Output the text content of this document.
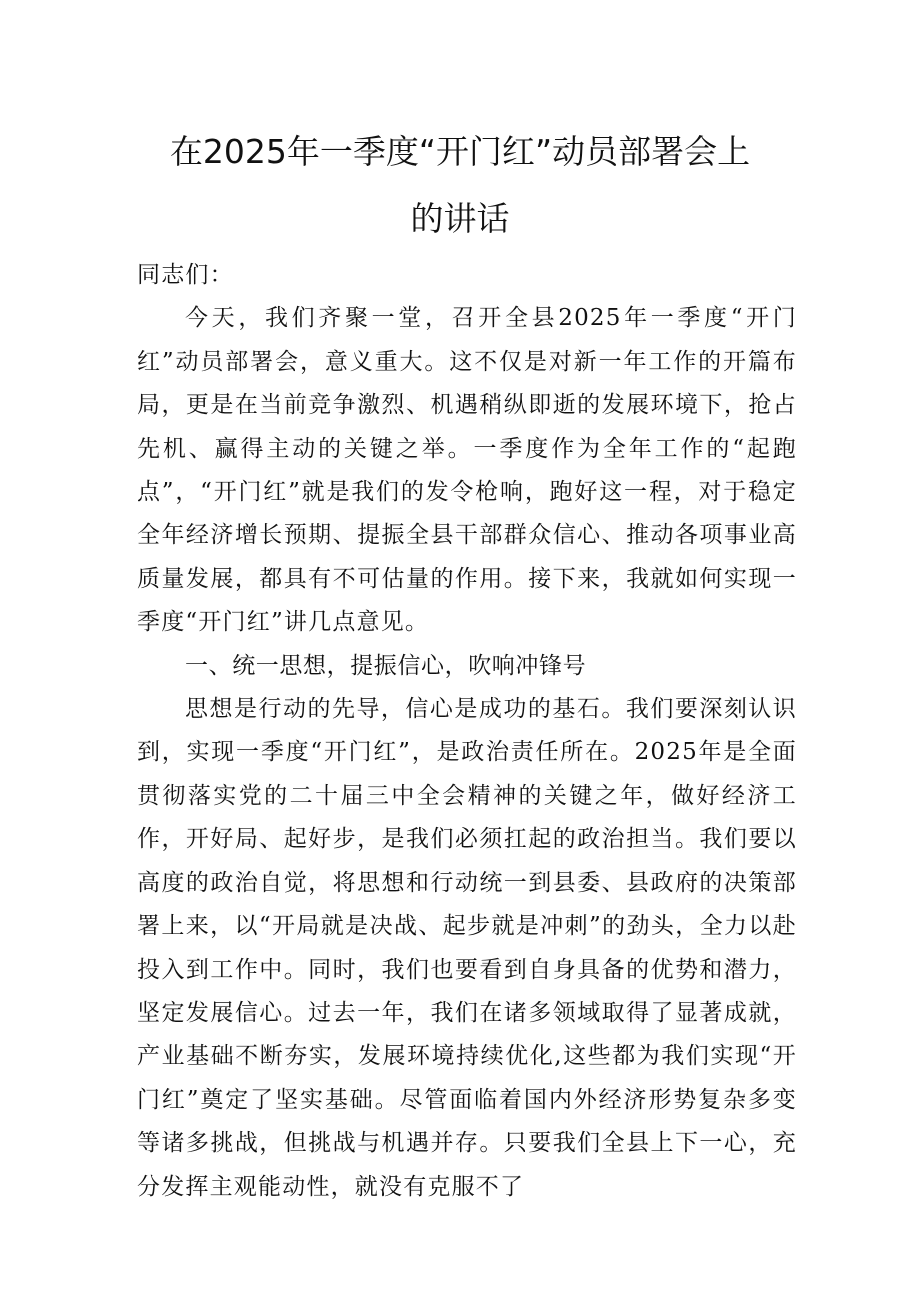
在2025年一季度“开门红”动员部署会上
的讲话

同志们：

今天，我们齐聚一堂，召开全县2025年一季度“开门红”动员部署会，意义重大。这不仅是对新一年工作的开篇布局，更是在当前竞争激烈、机遇稍纵即逝的发展环境下，抢占先机、赢得主动的关键之举。一季度作为全年工作的“起跑点”，“开门红”就是我们的发令枪响，跑好这一程，对于稳定全年经济增长预期、提振全县干部群众信心、推动各项事业高质量发展，都具有不可估量的作用。接下来，我就如何实现一季度“开门红”讲几点意见。

一、统一思想，提振信心，吹响冲锋号

思想是行动的先导，信心是成功的基石。我们要深刻认识到，实现一季度“开门红”，是政治责任所在。2025年是全面贯彻落实党的二十届三中全会精神的关键之年，做好经济工作，开好局、起好步，是我们必须扛起的政治担当。我们要以高度的政治自觉，将思想和行动统一到县委、县政府的决策部署上来，以“开局就是决战、起步就是冲刺”的劲头，全力以赴投入到工作中。同时，我们也要看到自身具备的优势和潜力，坚定发展信心。过去一年，我们在诸多领域取得了显著成就，产业基础不断夯实，发展环境持续优化,这些都为我们实现“开门红”奠定了坚实基础。尽管面临着国内外经济形势复杂多变等诸多挑战，但挑战与机遇并存。只要我们全县上下一心，充分发挥主观能动性，就没有克服不了
